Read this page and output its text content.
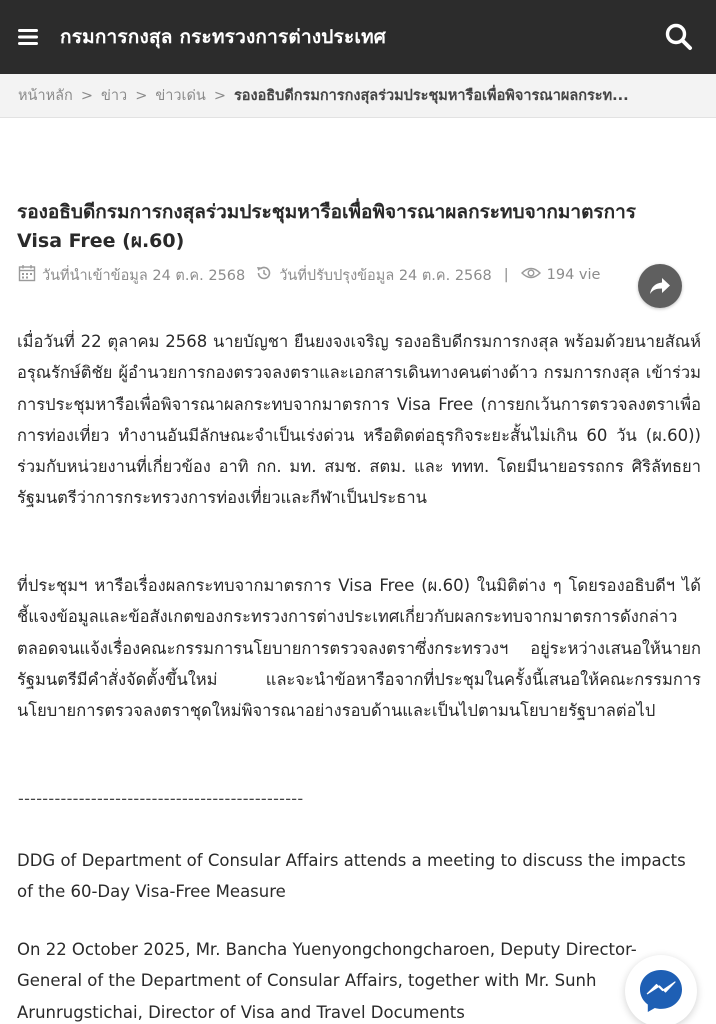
กรมการกงสุล กระทรวงการต่างประเทศ
หน้าหลัก > ข่าว > ข่าวเด่น > รองอธิบดีกรมการกงสุลร่วมประชุมหารือเพื่อพิจารณาผลกระท...
รองอธิบดีกรมการกงสุลร่วมประชุมหารือเพื่อพิจารณาผลกระทบจากมาตรการ Visa Free (ผ.60)
วันที่นำเข้าข้อมูล 24 ต.ค. 2568 วันที่ปรับปรุงข้อมูล 24 ต.ค. 2568 |	194 vie

เมื่อวันที่ 22 ตุลาคม 2568 นายบัญชา ยืนยงจงเจริญ รองอธิบดีกรมการกงสุล พร้อมด้วยนายสัณห์ อรุณรักษ์ติชัย ผู้อำนวยการกองตรวจลงตราและเอกสารเดินทางคนต่างด้าว กรมการกงสุล เข้าร่วมการประชุมหารือเพื่อพิจารณาผลกระทบจากมาตรการ Visa Free (การยกเว้นการตรวจลงตราเพื่อการท่องเที่ยว ทำงานอันมีลักษณะจำเป็นเร่งด่วน หรือติดต่อธุรกิจระยะสั้นไม่เกิน 60 วัน (ผ.60)) ร่วมกับหน่วยงานที่เกี่ยวข้อง อาทิ กก. มท. สมช. สตม. และ ททท. โดยมีนายอรรถกร ศิริลัทธยา รัฐมนตรีว่าการกระทรวงการท่องเที่ยวและกีฬาเป็นประธาน

ที่ประชุมฯ หารือเรื่องผลกระทบจากมาตรการ Visa Free (ผ.60) ในมิติต่าง ๆ โดยรองอธิบดีฯ ได้ชี้แจงข้อมูลและข้อสังเกตของกระทรวงการต่างประเทศเกี่ยวกับผลกระทบจากมาตรการดังกล่าว ตลอดจนแจ้งเรื่องคณะกรรมการนโยบายการตรวจลงตราซึ่งกระทรวงฯ อยู่ระหว่างเสนอให้นายกรัฐมนตรีมีคำสั่งจัดตั้งขึ้นใหม่ และจะนำข้อหารือจากที่ประชุมในครั้งนี้เสนอให้คณะกรรมการนโยบายการตรวจลงตราชุดใหม่พิจารณาอย่างรอบด้านและเป็นไปตามนโยบายรัฐบาลต่อไป

-----------------------------------------------

DDG of Department of Consular Affairs attends a meeting to discuss the impacts of the 60-Day Visa-Free Measure

On 22 October 2025, Mr. Bancha Yuenyongchongcharoen, Deputy Director-General of the Department of Consular Affairs, together with Mr. Sunh Arunrugstichai, Director of Visa and Travel Documents
